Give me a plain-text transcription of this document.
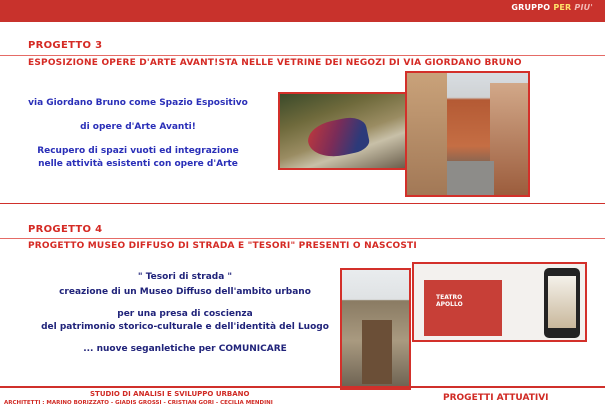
GRUPPO PER PIU'
PROGETTO 3
ESPOSIZIONE OPERE D'ARTE AVANT!STA NELLE VETRINE DEI NEGOZI DI VIA GIORDANO BRUNO
via Giordano Bruno come Spazio Espositivo
di opere d'Arte Avanti!
Recupero di spazi vuoti ed integrazione
nelle attività esistenti con opere d'Arte
PROGETTO 4
PROGETTO MUSEO DIFFUSO DI STRADA E "TESORI" PRESENTI O NASCOSTI
" Tesori di strada "
creazione di un Museo Diffuso dell'ambito urbano
per una presa di coscienza
del patrimonio storico-culturale e dell'identità del Luogo
... nuove seganletiche per COMUNICARE
TEATRO
APOLLO
STUDIO DI ANALISI E SVILUPPO URBANO
ARCHITETTI : MARINO BORIZZATO - GIADIS GROSSI - CRISTIAN GORI - CECILIA MENDINI	PROGETTI ATTUATIVI
